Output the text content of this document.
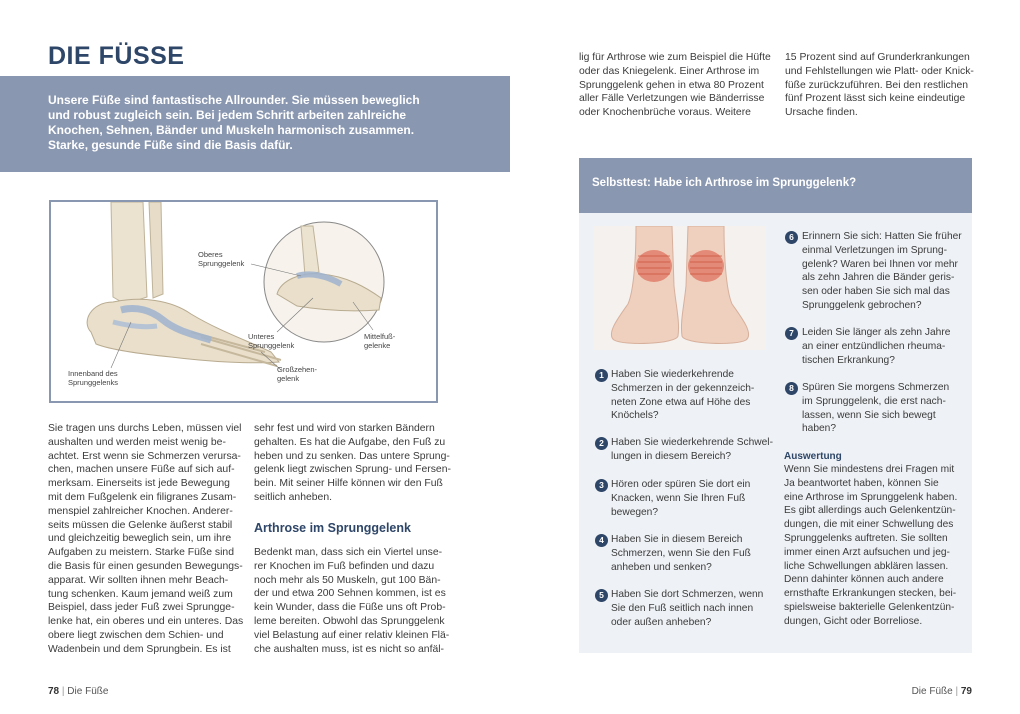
DIE FÜSSE
Unsere Füße sind fantastische Allrounder. Sie müssen beweglich und robust zugleich sein. Bei jedem Schritt arbeiten zahlreiche Knochen, Sehnen, Bänder und Muskeln harmonisch zusammen. Starke, gesunde Füße sind die Basis dafür.
Oberes
Sprunggelenk
Unteres
Sprunggelenk
Mittelfuß-
gelenke
Innenband des
Sprunggelenks
Großzehen-
gelenk
Sie tragen uns durchs Leben, müssen viel
aushalten und werden meist wenig be-
achtet. Erst wenn sie Schmerzen verursa-
chen, machen unsere Füße auf sich auf-
merksam. Einerseits ist jede Bewegung
mit dem Fußgelenk ein filigranes Zusam-
menspiel zahlreicher Knochen. Anderer-
seits müssen die Gelenke äußerst stabil
und gleichzeitig beweglich sein, um ihre
Aufgaben zu meistern. Starke Füße sind
die Basis für einen gesunden Bewegungs-
apparat. Wir sollten ihnen mehr Beach-
tung schenken. Kaum jemand weiß zum
Beispiel, dass jeder Fuß zwei Sprungge-
lenke hat, ein oberes und ein unteres. Das
obere liegt zwischen dem Schien- und
Wadenbein und dem Sprungbein. Es ist
sehr fest und wird von starken Bändern
gehalten. Es hat die Aufgabe, den Fuß zu
heben und zu senken. Das untere Sprung-
gelenk liegt zwischen Sprung- und Fersen-
bein. Mit seiner Hilfe können wir den Fuß
seitlich anheben.
Arthrose im Sprunggelenk
Bedenkt man, dass sich ein Viertel unse-
rer Knochen im Fuß befinden und dazu
noch mehr als 50 Muskeln, gut 100 Bän-
der und etwa 200 Sehnen kommen, ist es
kein Wunder, dass die Füße uns oft Prob-
leme bereiten. Obwohl das Sprunggelenk
viel Belastung auf einer relativ kleinen Flä-
che aushalten muss, ist es nicht so anfäl-
78 | Die Füße
lig für Arthrose wie zum Beispiel die Hüfte
oder das Kniegelenk. Einer Arthrose im
Sprunggelenk gehen in etwa 80 Prozent
aller Fälle Verletzungen wie Bänderrisse
oder Knochenbrüche voraus. Weitere
15 Prozent sind auf Grunderkrankungen
und Fehlstellungen wie Platt- oder Knick-
füße zurückzuführen. Bei den restlichen
fünf Prozent lässt sich keine eindeutige
Ursache finden.
Selbsttest: Habe ich Arthrose im Sprunggelenk?
1 Haben Sie wiederkehrende
Schmerzen in der gekennzeich-
neten Zone etwa auf Höhe des
Knöchels?
2 Haben Sie wiederkehrende Schwel-
lungen in diesem Bereich?
3 Hören oder spüren Sie dort ein
Knacken, wenn Sie Ihren Fuß
bewegen?
4 Haben Sie in diesem Bereich
Schmerzen, wenn Sie den Fuß
anheben und senken?
5 Haben Sie dort Schmerzen, wenn
Sie den Fuß seitlich nach innen
oder außen anheben?
6 Erinnern Sie sich: Hatten Sie früher
einmal Verletzungen im Sprung-
gelenk? Waren bei Ihnen vor mehr
als zehn Jahren die Bänder geris-
sen oder haben Sie sich mal das
Sprunggelenk gebrochen?
7 Leiden Sie länger als zehn Jahre
an einer entzündlichen rheuma-
tischen Erkrankung?
8 Spüren Sie morgens Schmerzen
im Sprunggelenk, die erst nach-
lassen, wenn Sie sich bewegt
haben?
Auswertung
Wenn Sie mindestens drei Fragen mit
Ja beantwortet haben, können Sie
eine Arthrose im Sprunggelenk haben.
Es gibt allerdings auch Gelenkentzün-
dungen, die mit einer Schwellung des
Sprunggelenks auftreten. Sie sollten
immer einen Arzt aufsuchen und jeg-
liche Schwellungen abklären lassen.
Denn dahinter können auch andere
ernsthafte Erkrankungen stecken, bei-
spielsweise bakterielle Gelenkentzün-
dungen, Gicht oder Borreliose.
Die Füße | 79
